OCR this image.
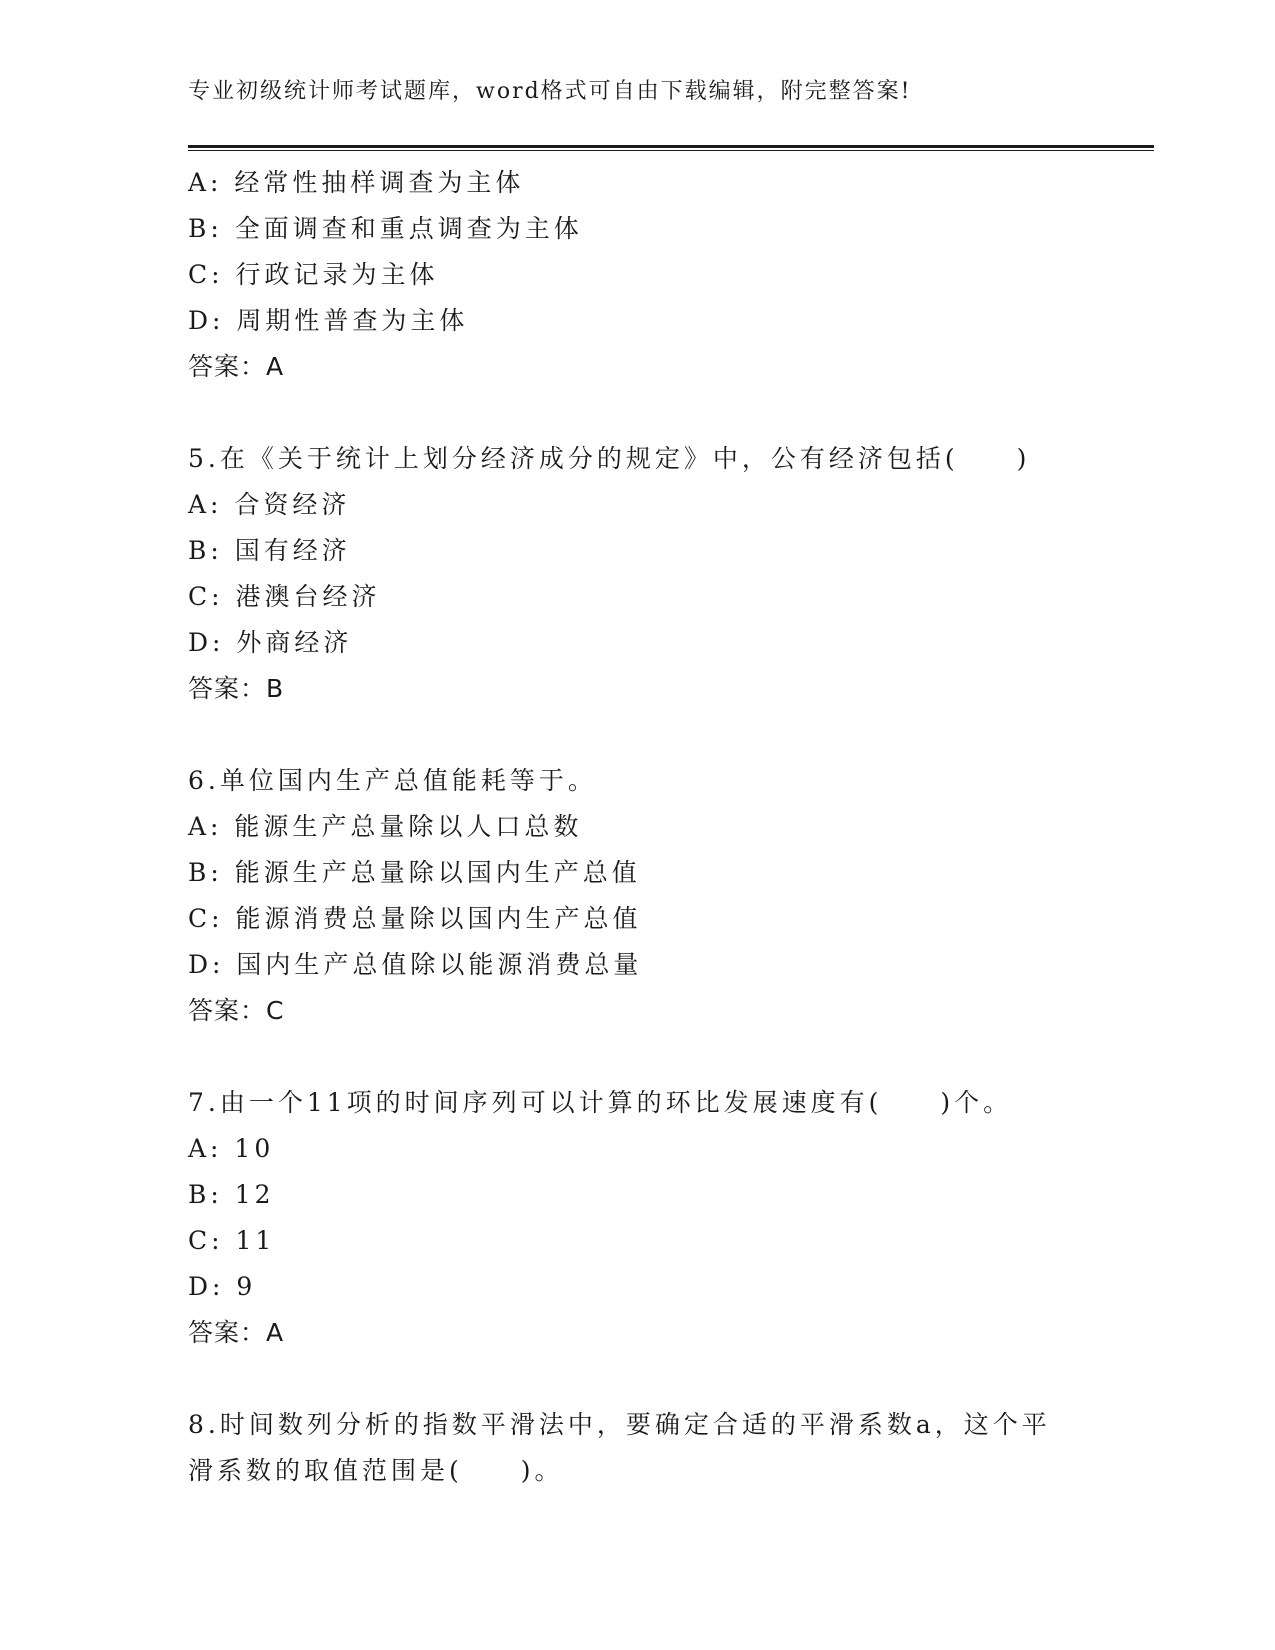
专业初级统计师考试题库，word格式可自由下载编辑，附完整答案!
A: 经常性抽样调查为主体
B: 全面调查和重点调查为主体
C: 行政记录为主体
D: 周期性普查为主体
答案：A
5.在《关于统计上划分经济成分的规定》中，公有经济包括(　　)
A: 合资经济
B: 国有经济
C: 港澳台经济
D: 外商经济
答案：B
6.单位国内生产总值能耗等于。
A: 能源生产总量除以人口总数
B: 能源生产总量除以国内生产总值
C: 能源消费总量除以国内生产总值
D: 国内生产总值除以能源消费总量
答案：C
7.由一个11项的时间序列可以计算的环比发展速度有(　　)个。
A: 10
B: 12
C: 11
D: 9
答案：A
8.时间数列分析的指数平滑法中，要确定合适的平滑系数a，这个平滑系数的取值范围是(　　)。
